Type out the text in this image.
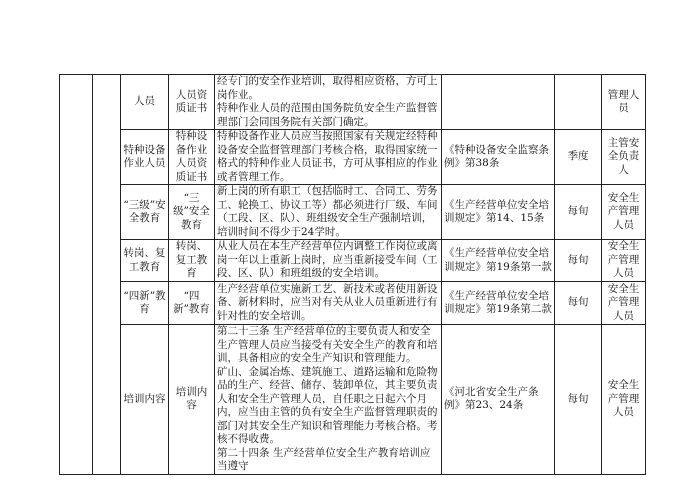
		人员	人员资质证书	经专门的安全作业培训，取得相应资格，方可上岗作业。
特种作业人员的范围由国务院负安全生产监督管理部门会同国务院有关部门确定。			管理人员
		特种设备作业人员	特种设备作业人员资质证书	特种设备作业人员应当按照国家有关规定经特种设备安全监督管理部门考核合格，取得国家统一格式的特种作业人员证书，方可从事相应的作业或者管理工作。	《特种设备安全监察条例》第38条	季度	主管安全负责人
		“三级”安全教育	“三级”安全教育	新上岗的所有职工（包括临时工、合同工、劳务工、轮换工、协议工等）都必须进行厂级、车间（工段、区、队）、班组级安全生产强制培训，培训时间不得少于24学时。	《生产经营单位安全培训规定》第14、15条	每旬	安全生产管理人员
		转岗、复工教育	转岗、复工教育	从业人员在本生产经营单位内调整工作岗位或离岗一年以上重新上岗时，应当重新接受车间（工段、区、队）和班组级的安全培训。	《生产经营单位安全培训规定》第19条第一款	每旬	安全生产管理人员
		“四新”教育	“四新”教育	生产经营单位实施新工艺、新技术或者使用新设备、新材料时，应当对有关从业人员重新进行有针对性的安全培训。	《生产经营单位安全培训规定》第19条第二款	每旬	安全生产管理人员
		培训内容	培训内容	第二十三条 生产经营单位的主要负责人和安全生产管理人员应当接受有关安全生产的教育和培训，具备相应的安全生产知识和管理能力。
矿山、金属冶炼、建筑施工、道路运输和危险物品的生产、经营、储存、装卸单位，其主要负责人和安全生产管理人员，自任职之日起六个月内，应当由主管的负有安全生产监督管理职责的部门对其安全生产知识和管理能力考核合格。考核不得收费。
第二十四条 生产经营单位安全生产教育培训应当遵守	《河北省安全生产条例》第23、24条	每旬	安全生产管理人员
